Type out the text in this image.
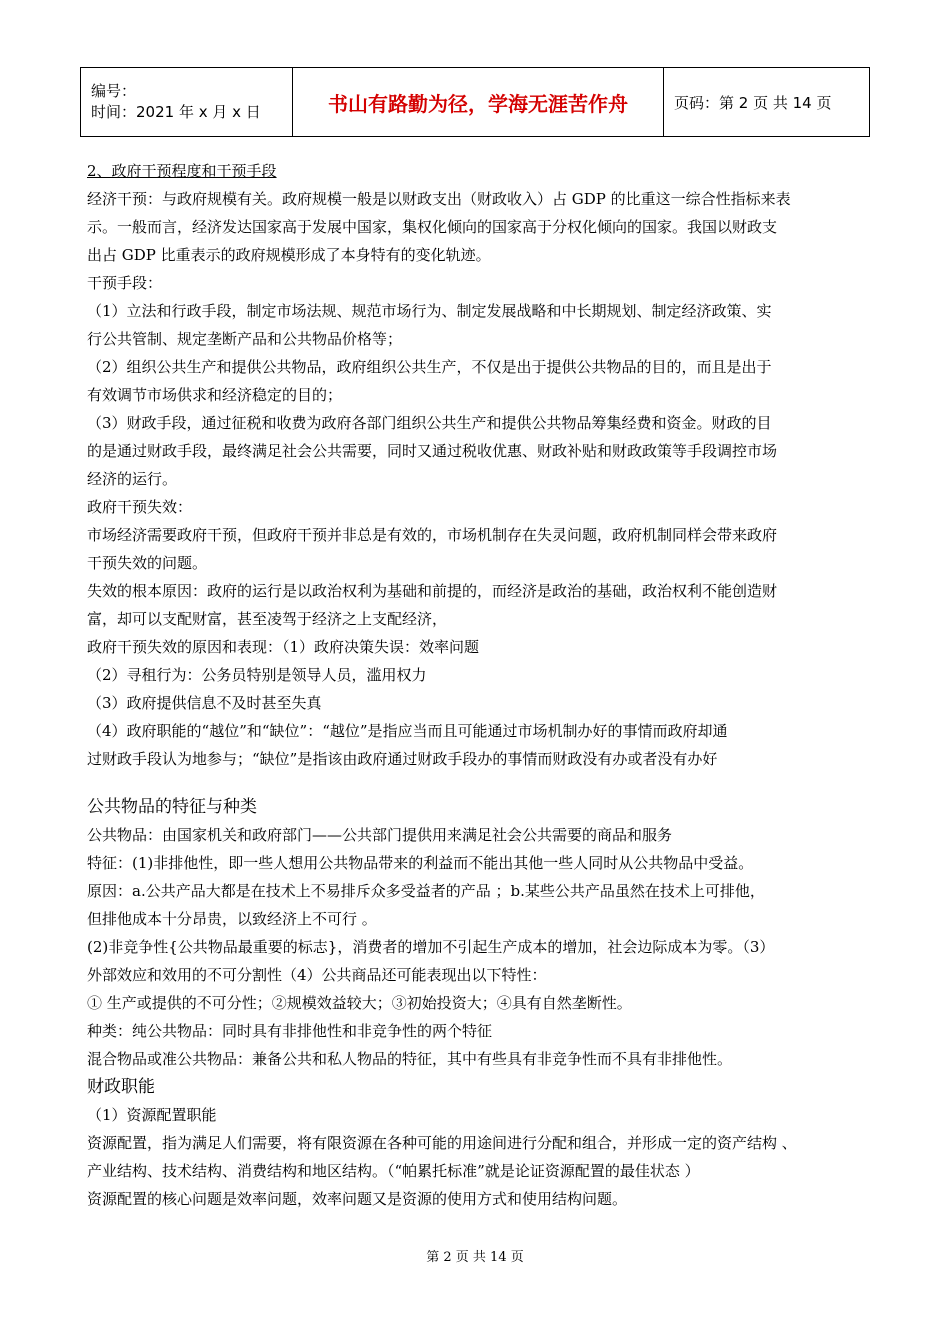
编号：
时间：2021 年 x 月 x 日	书山有路勤为径，学海无涯苦作舟	页码：第 2 页 共 14 页
2、政府干预程度和干预手段
经济干预：与政府规模有关。政府规模一般是以财政支出（财政收入）占 GDP 的比重这一综合性指标来表
示。一般而言，经济发达国家高于发展中国家，集权化倾向的国家高于分权化倾向的国家。我国以财政支
出占 GDP 比重表示的政府规模形成了本身特有的变化轨迹。
干预手段：
（1）立法和行政手段，制定市场法规、规范市场行为、制定发展战略和中长期规划、制定经济政策、实
行公共管制、规定垄断产品和公共物品价格等；
（2）组织公共生产和提供公共物品，政府组织公共生产，不仅是出于提供公共物品的目的，而且是出于
有效调节市场供求和经济稳定的目的；
（3）财政手段，通过征税和收费为政府各部门组织公共生产和提供公共物品筹集经费和资金。财政的目
的是通过财政手段，最终满足社会公共需要，同时又通过税收优惠、财政补贴和财政政策等手段调控市场
经济的运行。
政府干预失效：
市场经济需要政府干预，但政府干预并非总是有效的，市场机制存在失灵问题，政府机制同样会带来政府
干预失效的问题。
失效的根本原因：政府的运行是以政治权利为基础和前提的，而经济是政治的基础，政治权利不能创造财
富，却可以支配财富，甚至凌驾于经济之上支配经济，
政府干预失效的原因和表现：（1）政府决策失误：效率问题
（2）寻租行为：公务员特别是领导人员，滥用权力
（3）政府提供信息不及时甚至失真
（4）政府职能的“越位”和“缺位”：“越位”是指应当而且可能通过市场机制办好的事情而政府却通
过财政手段认为地参与；“缺位”是指该由政府通过财政手段办的事情而财政没有办或者没有办好
公共物品的特征与种类
公共物品：由国家机关和政府部门——公共部门提供用来满足社会公共需要的商品和服务
特征：(1)非排他性，即一些人想用公共物品带来的利益而不能出其他一些人同时从公共物品中受益。
原因：a.公共产品大都是在技术上不易排斥众多受益者的产品 ；b.某些公共产品虽然在技术上可排他，
但排他成本十分昂贵，以致经济上不可行 。
(2)非竞争性{公共物品最重要的标志}，消费者的增加不引起生产成本的增加，社会边际成本为零。（3）
外部效应和效用的不可分割性（4）公共商品还可能表现出以下特性：
① 生产或提供的不可分性；②规模效益较大；③初始投资大；④具有自然垄断性。
种类：纯公共物品：同时具有非排他性和非竞争性的两个特征
混合物品或准公共物品：兼备公共和私人物品的特征，其中有些具有非竞争性而不具有非排他性。
财政职能
（1）资源配置职能
资源配置，指为满足人们需要，将有限资源在各种可能的用途间进行分配和组合，并形成一定的资产结构 、
产业结构、技术结构、消费结构和地区结构。（“帕累托标准”就是论证资源配置的最佳状态 ）
资源配置的核心问题是效率问题，效率问题又是资源的使用方式和使用结构问题。
第 2 页 共 14 页
